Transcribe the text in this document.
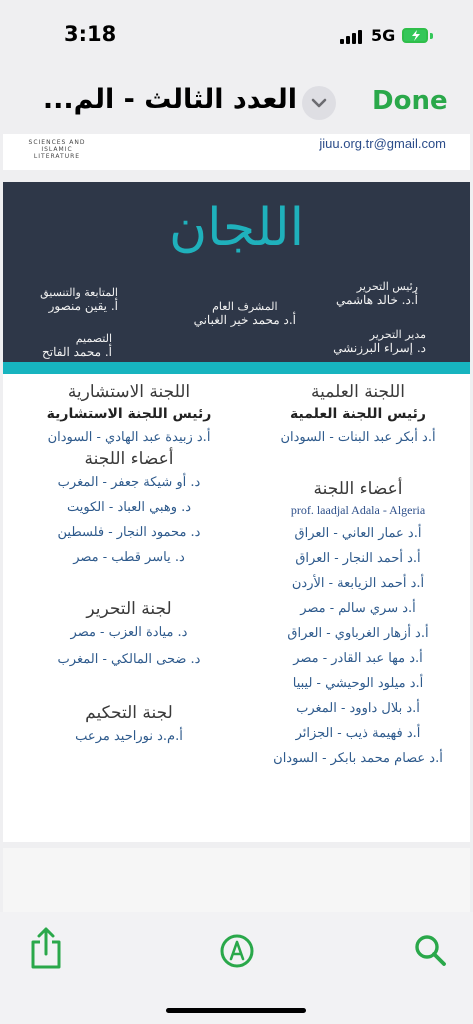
3:18	5G
العدد الثالث - الم...	Done
SCIENCES AND ISLAMIC LITERATURE
jiuu.org.tr@gmail.com
اللجان
رئيس التحرير
أ.د. خالد هاشمي
مدير التحرير
د. إسراء البرزنشي
المشرف العام
أ.د محمد خير الغباني
المتابعة والتنسيق
أ. يقين منصور
التصميم
أ. محمد الفاتح
اللجنة العلمية
رئيس اللجنة العلمية
أ.د أبكر عبد البنات - السودان
أعضاء اللجنة
prof. laadjal Adala - Algeria
أ.د عمار العاني - العراق
أ.د أحمد النجار - العراق
أ.د أحمد الزيابعة - الأردن
أ.د سري سالم - مصر
أ.د أزهار الغرباوي - العراق
أ.د مها عبد القادر - مصر
أ.د ميلود الوحيشي - ليبيا
أ.د بلال داوود - المغرب
أ.د فهيمة ذيب - الجزائر
أ.د عصام محمد بابكر - السودان
اللجنة الاستشارية
رئيس اللجنة الاستشارية
أ.د زبيدة عبد الهادي - السودان
أعضاء اللجنة
د. أو شيكة جعفر - المغرب
د. وهبي العباد - الكويت
د. محمود النجار - فلسطين
د. ياسر قطب - مصر
لجنة التحرير
د. ميادة العزب - مصر
د. ضحى المالكي - المغرب
لجنة التحكيم
أ.م.د نوراحيد مرعب
